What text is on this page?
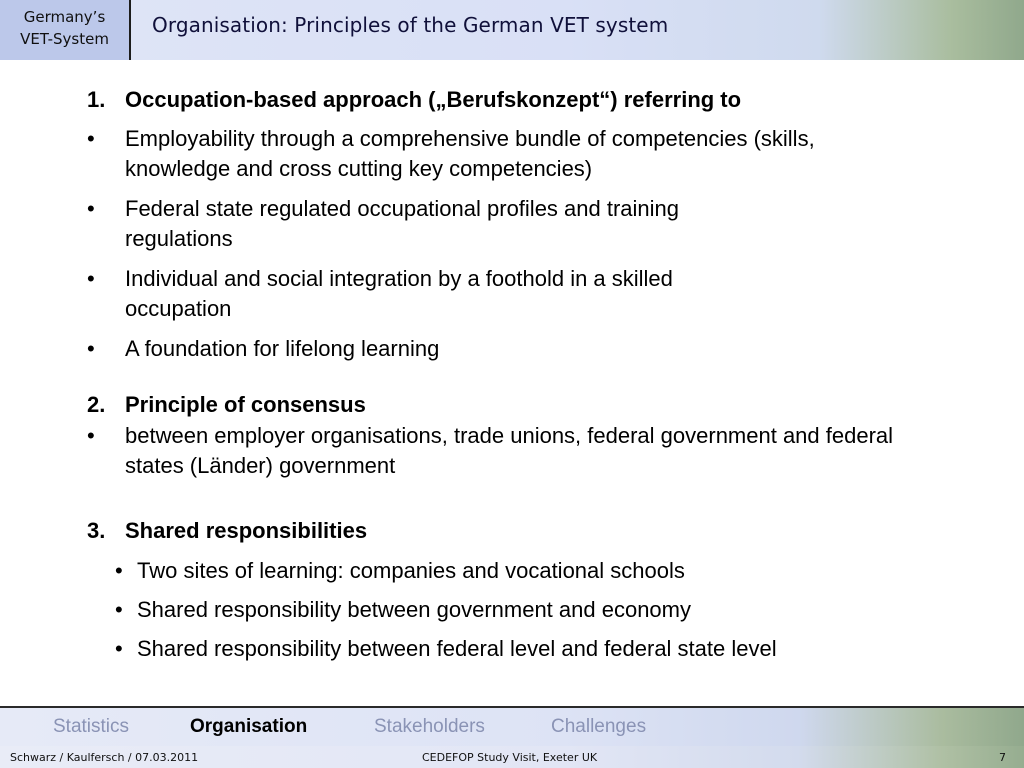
Germany’s
VET-System
Organisation: Principles of the German VET system
1. Occupation-based approach („Berufskonzept“) referring to
•	Employability through a comprehensive bundle of competencies (skills, knowledge and cross cutting key competencies)
•	Federal state regulated occupational profiles and training regulations
•	Individual and social integration by a foothold in a skilled occupation
•	A foundation for lifelong learning
2. Principle of consensus
•	between employer organisations, trade unions, federal government and federal states (Länder) government
3. Shared responsibilities
• Two sites of learning: companies and vocational schools
• Shared responsibility between government and economy
• Shared responsibility between federal level and federal state level
Statistics	Organisation	Stakeholders	Challenges
Schwarz / Kaulfersch / 07.03.2011	CEDEFOP Study Visit, Exeter UK	7
